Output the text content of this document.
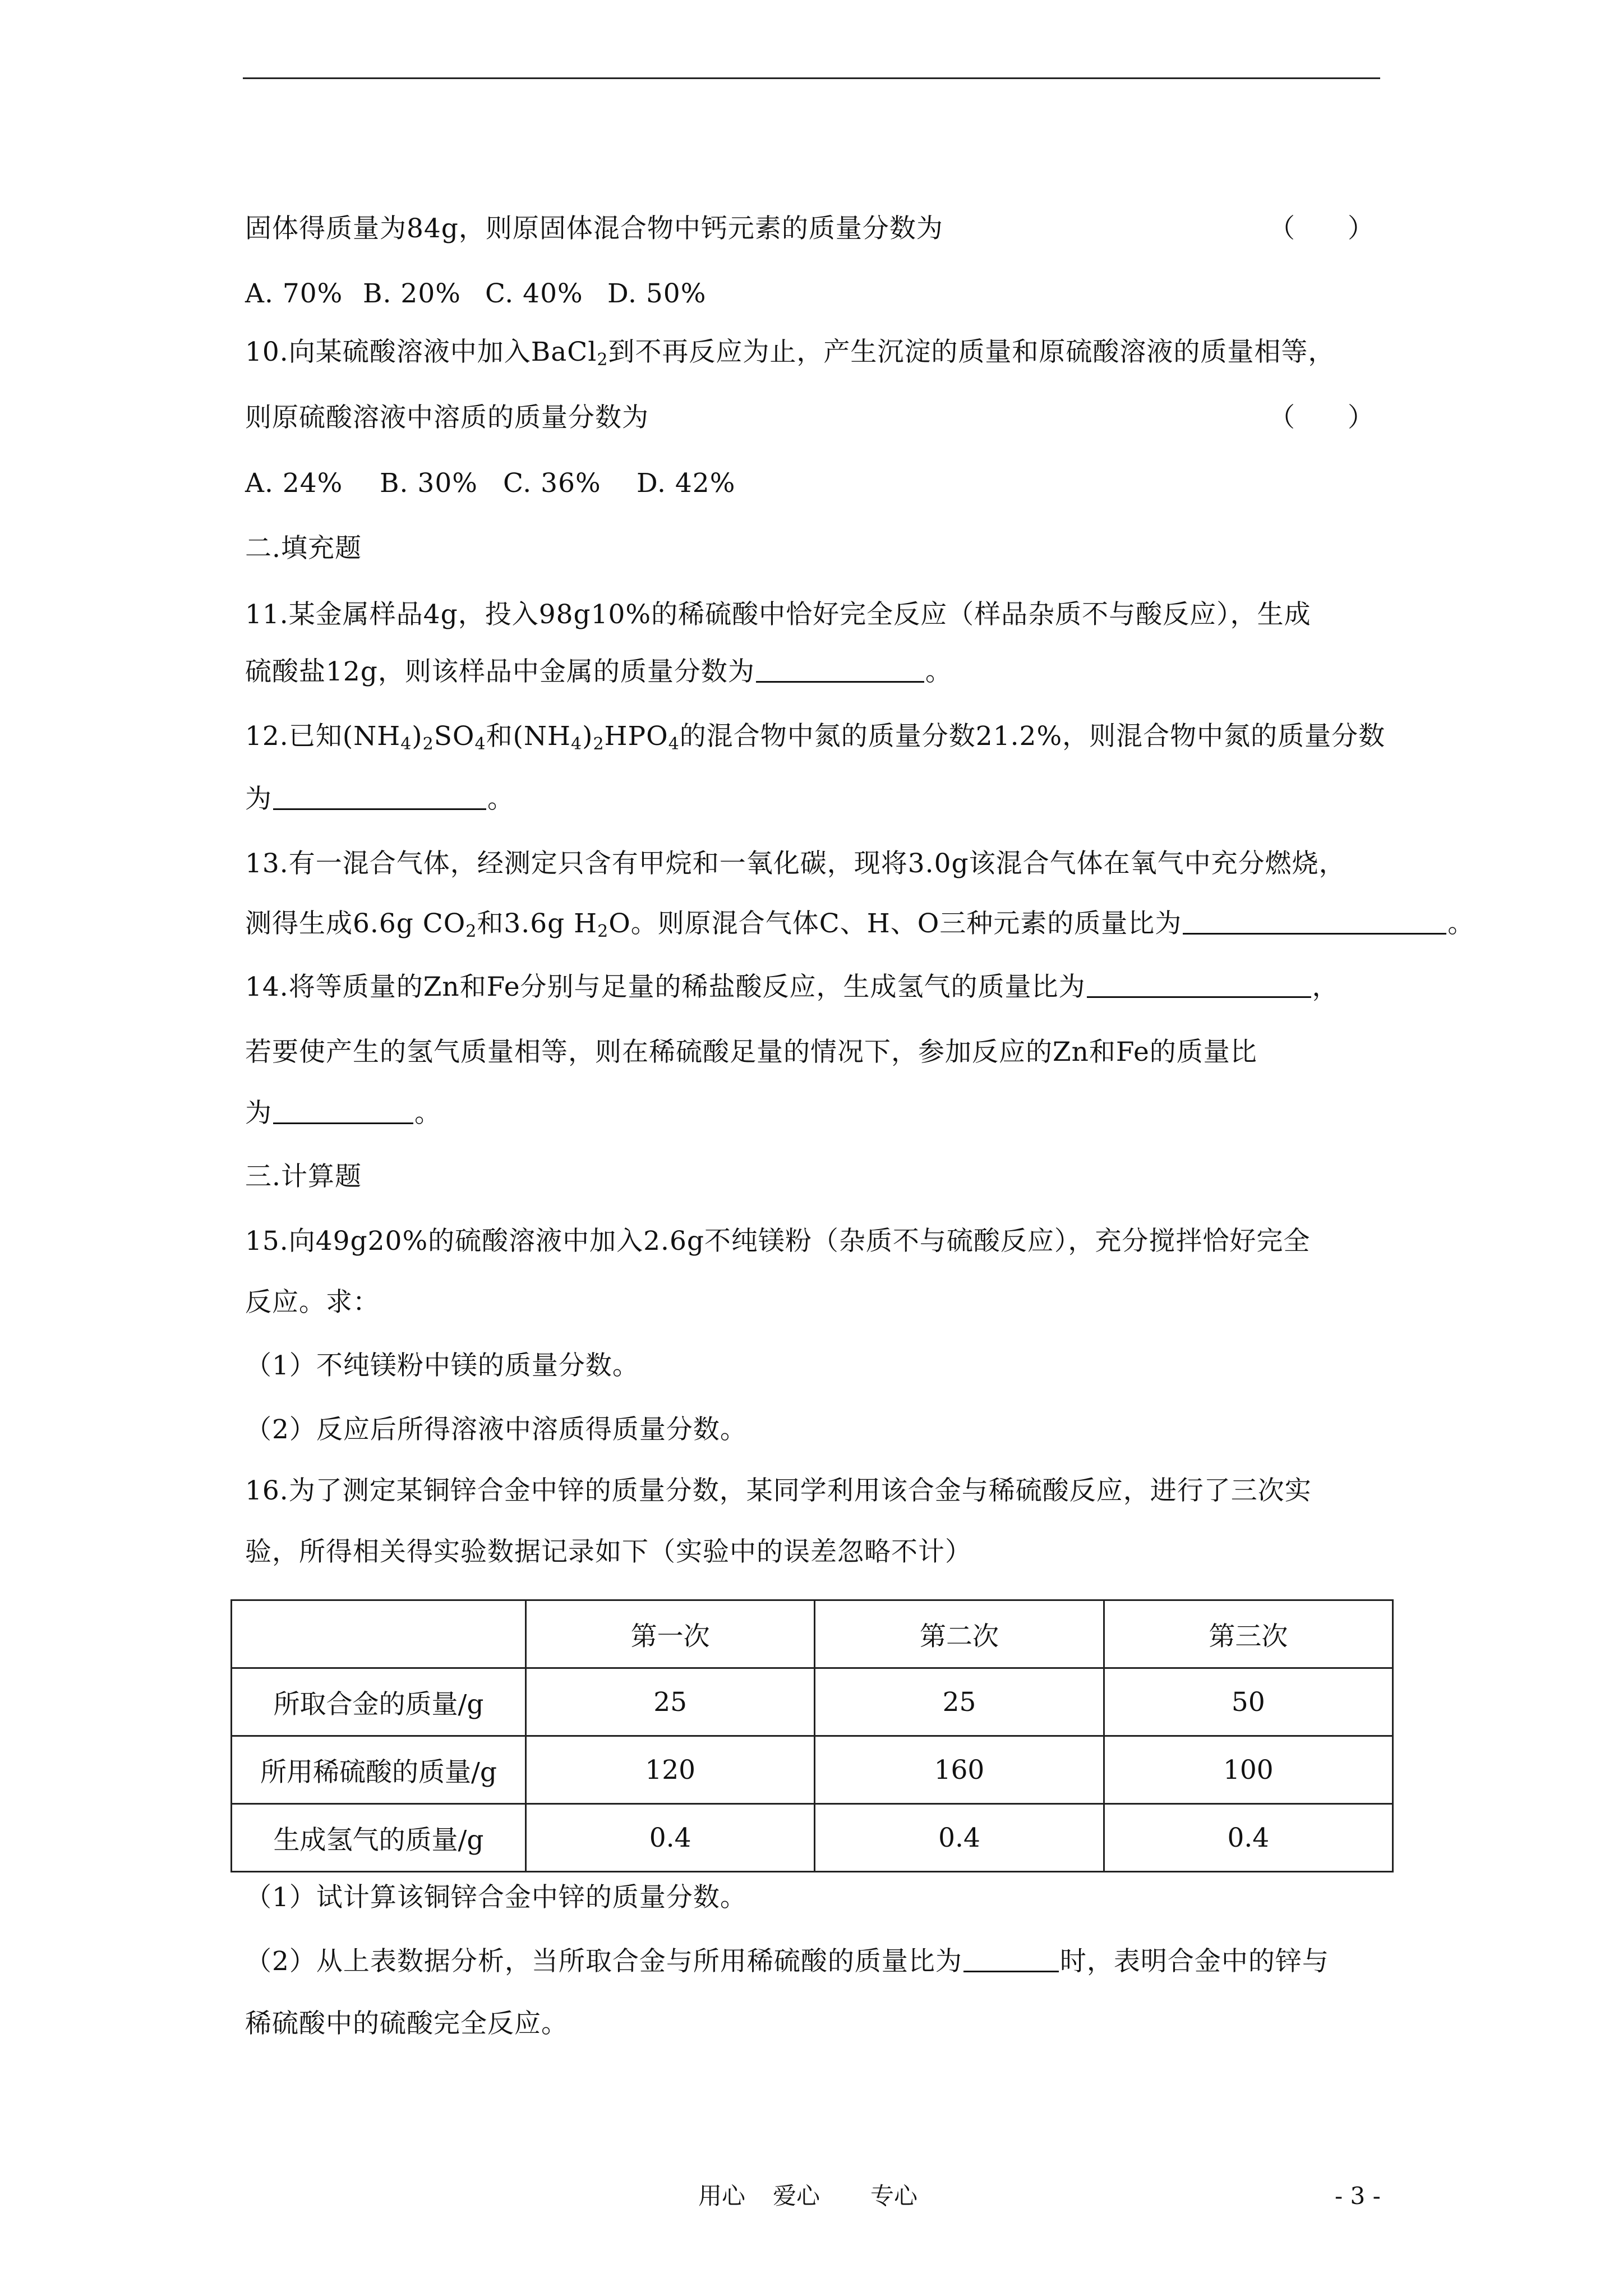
固体得质量为84g，则原固体混合物中钙元素的质量分数为	（　　）
A. 70% B. 20% C. 40% D. 50%
10.向某硫酸溶液中加入BaCl$_2$到不再反应为止，产生沉淀的质量和原硫酸溶液的质量相等，
则原硫酸溶液中溶质的质量分数为	（　　）
A. 24% B. 30% C. 36% D. 42%
二.填充题
11.某金属样品4g，投入98g10%的稀硫酸中恰好完全反应（样品杂质不与酸反应），生成
硫酸盐12g，则该样品中金属的质量分数为	。
12.已知$(NH_4)_2SO_4$和$(NH_4)_2HPO_4$的混合物中氮的质量分数21.2%，则混合物中氮的质量分数
为	。
13.有一混合气体，经测定只含有甲烷和一氧化碳，现将3.0g该混合气体在氧气中充分燃烧，
测得生成6.6g $CO_2$和3.6g $H_2O$。则原混合气体C、H、O三种元素的质量比为	。
14.将等质量的Zn和Fe分别与足量的稀盐酸反应，生成氢气的质量比为	，
若要使产生的氢气质量相等，则在稀硫酸足量的情况下，参加反应的Zn和Fe的质量比
为	。
三.计算题
15.向49g20%的硫酸溶液中加入2.6g不纯镁粉（杂质不与硫酸反应），充分搅拌恰好完全
反应。求：
（1）不纯镁粉中镁的质量分数。
（2）反应后所得溶液中溶质得质量分数。
16.为了测定某铜锌合金中锌的质量分数，某同学利用该合金与稀硫酸反应，进行了三次实
验，所得相关得实验数据记录如下（实验中的误差忽略不计）
	第一次	第二次	第三次
所取合金的质量/g	25	25	50
所用稀硫酸的质量/g	120	160	100
生成氢气的质量/g	0.4	0.4	0.4
（1）试计算该铜锌合金中锌的质量分数。
（2）从上表数据分析，当所取合金与所用稀硫酸的质量比为	时，表明合金中的锌与
稀硫酸中的硫酸完全反应。
用心 爱心 专心	- 3 -
